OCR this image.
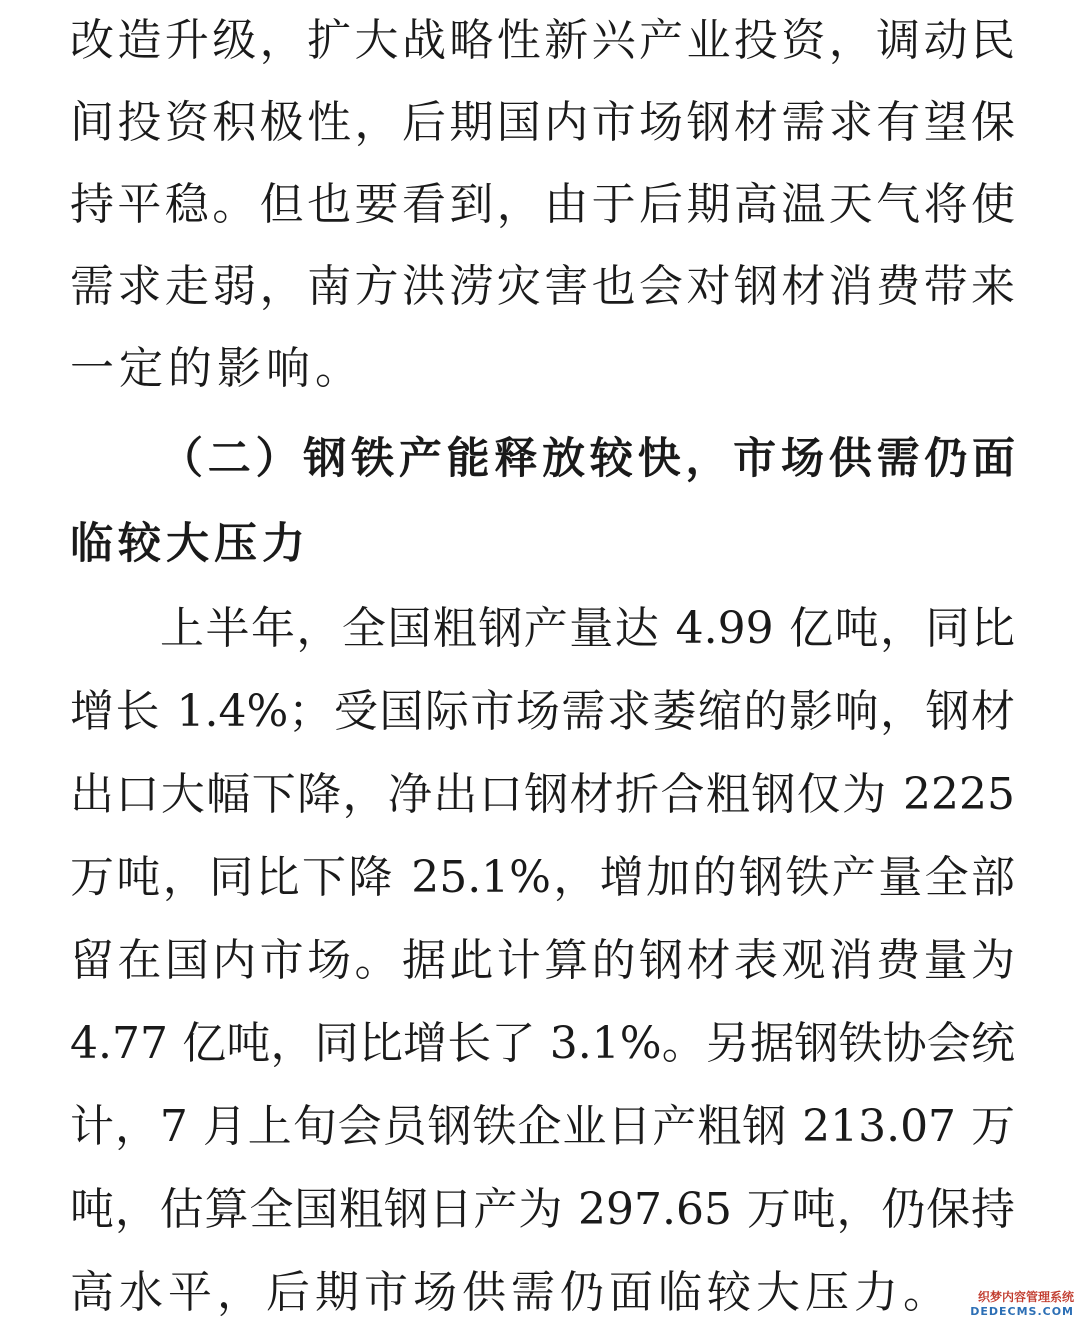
改造升级，扩大战略性新兴产业投资，调动民
间投资积极性，后期国内市场钢材需求有望保
持平稳。但也要看到，由于后期高温天气将使
需求走弱，南方洪涝灾害也会对钢材消费带来
一定的影响。
（二）钢铁产能释放较快，市场供需仍面
临较大压力
上半年，全国粗钢产量达 4.99 亿吨，同比
增长 1.4%；受国际市场需求萎缩的影响，钢材
出口大幅下降，净出口钢材折合粗钢仅为 2225
万吨，同比下降 25.1%，增加的钢铁产量全部
留在国内市场。据此计算的钢材表观消费量为
4.77 亿吨，同比增长了 3.1%。另据钢铁协会统
计，7 月上旬会员钢铁企业日产粗钢 213.07 万
吨，估算全国粗钢日产为 297.65 万吨，仍保持
高水平，后期市场供需仍面临较大压力。	织梦内容管理系统
DEDECMS.COM
